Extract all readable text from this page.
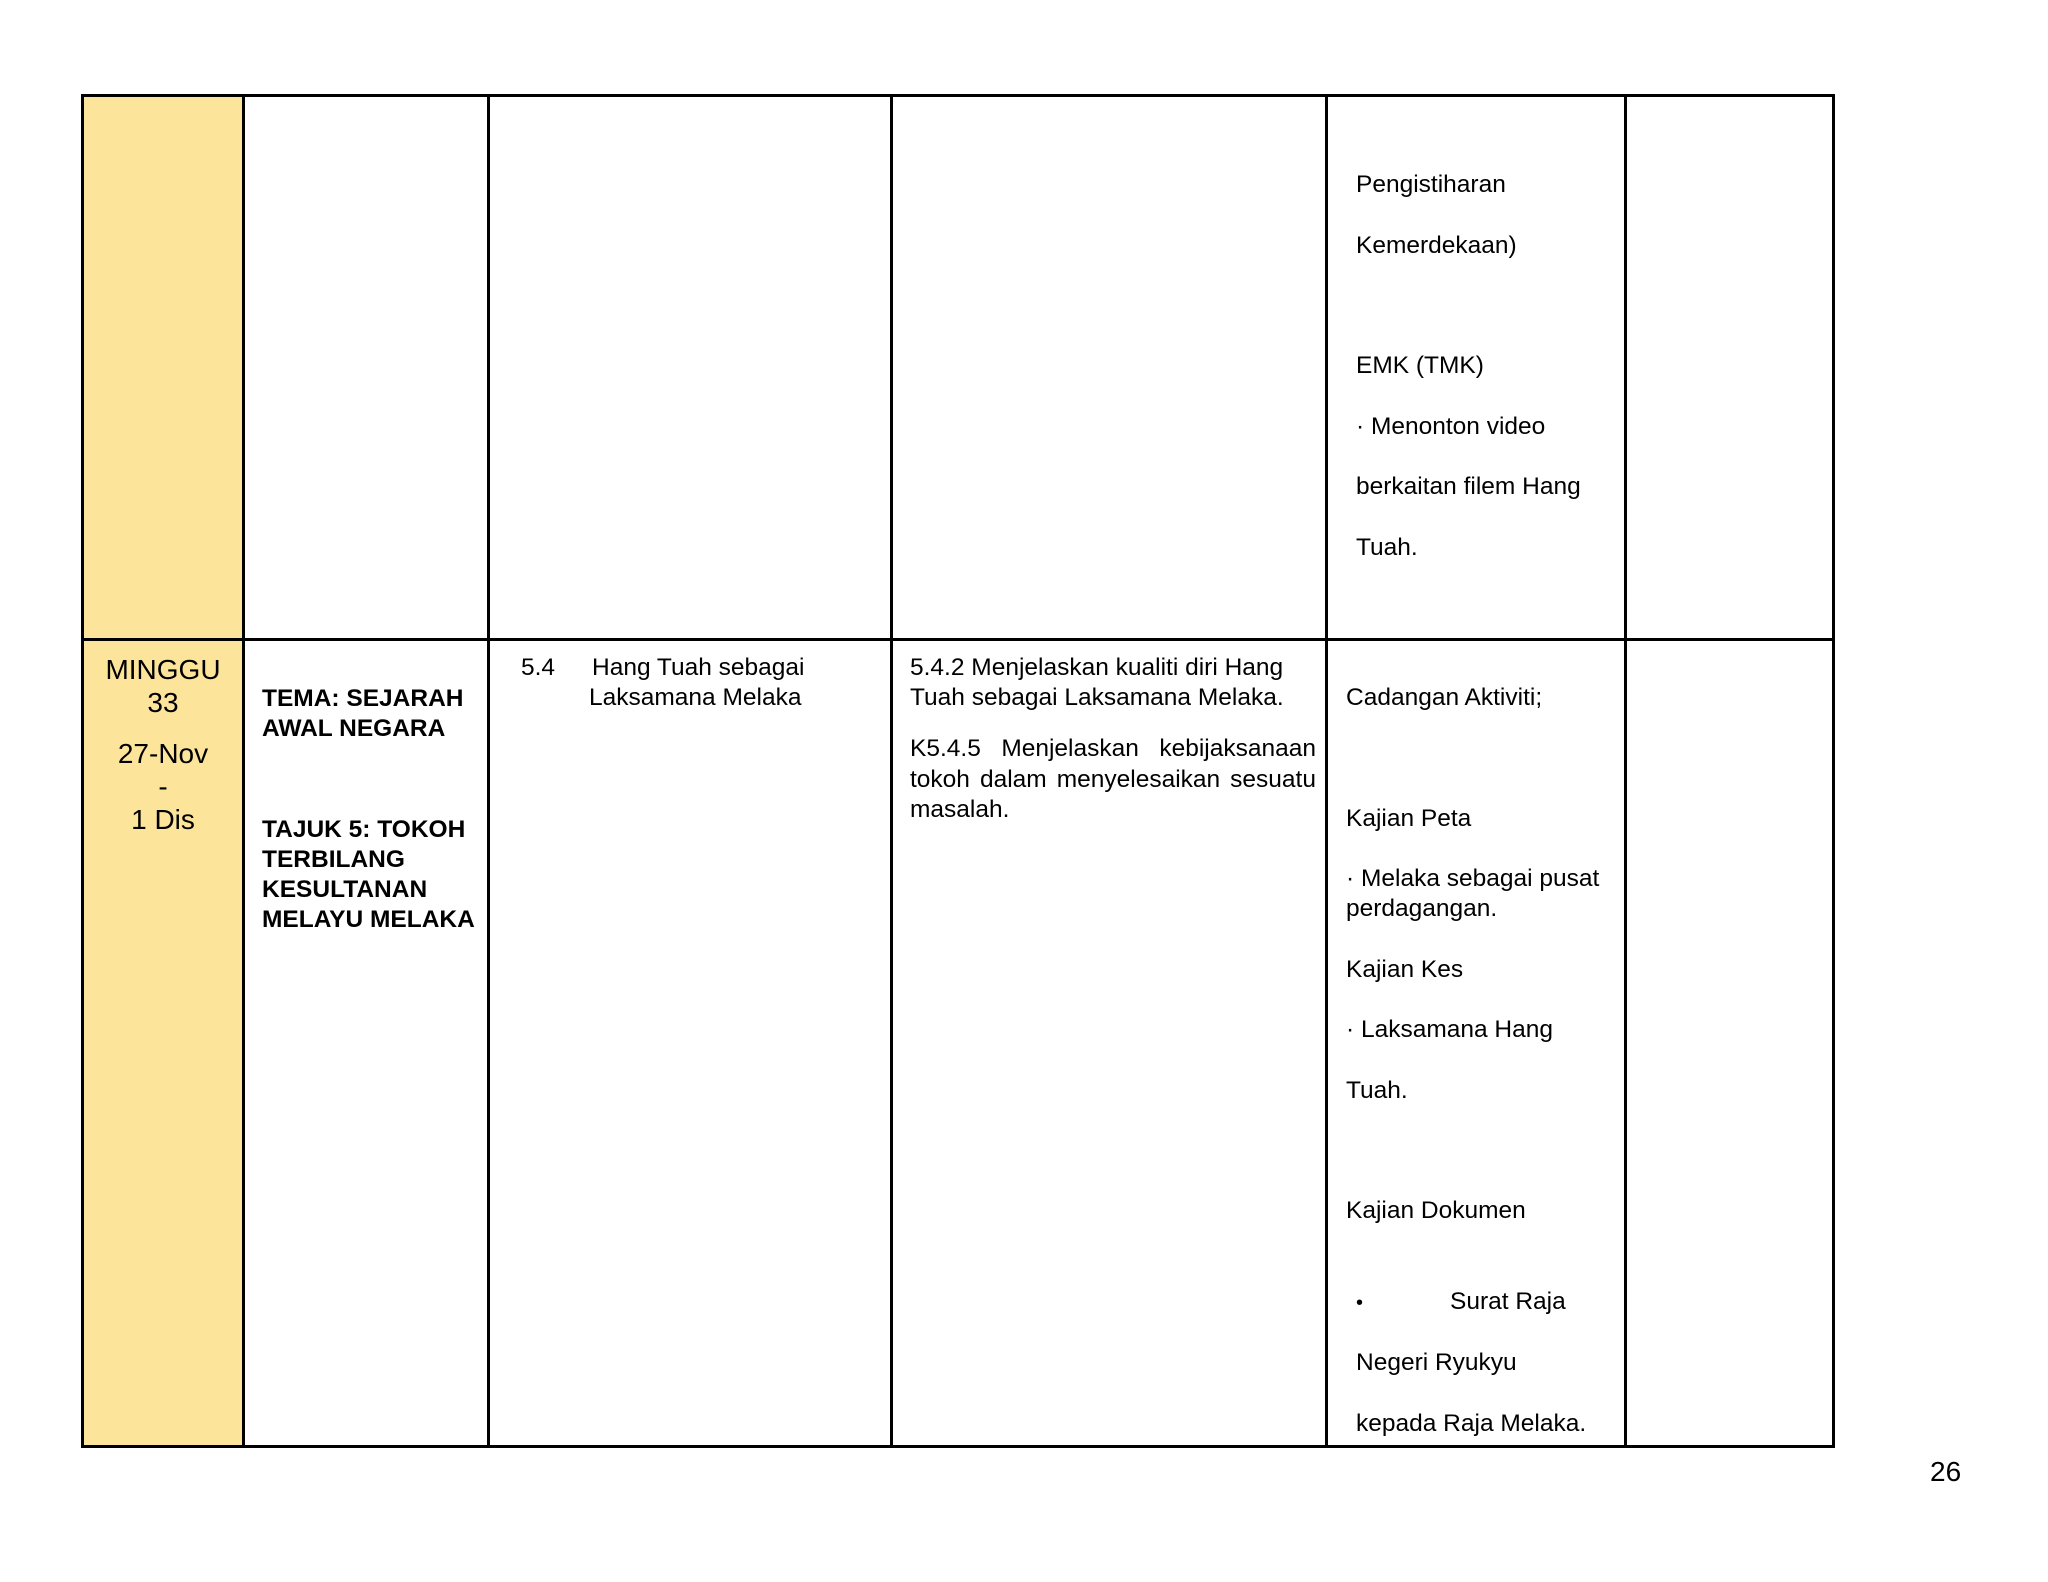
Pengistiharan

Kemerdekaan)

EMK (TMK)

· Menonton video

berkaitan filem Hang

Tuah.

MINGGU
33
27-Nov
-
1 Dis
TEMA: SEJARAH AWAL NEGARA
TAJUK 5: TOKOH TERBILANG KESULTANAN MELAYU MELAKA
5.4 Hang Tuah sebagai
Laksamana Melaka
5.4.2 Menjelaskan kualiti diri Hang Tuah sebagai Laksamana Melaka.
K5.4.5 Menjelaskan kebijaksanaan tokoh dalam menyelesaikan sesuatu masalah.

Cadangan Aktiviti;

Kajian Peta

· Melaka sebagai pusat perdagangan.

Kajian Kes

· Laksamana Hang

Tuah.

Kajian Dokumen

•	Surat Raja

Negeri Ryukyu

kepada Raja Melaka.

26
